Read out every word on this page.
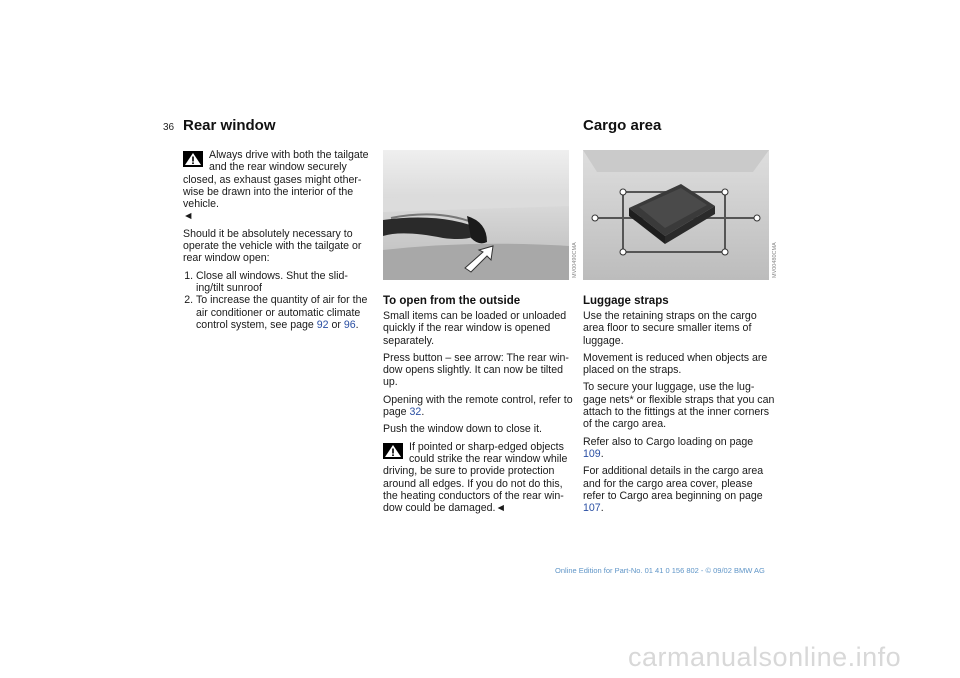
36 Rear window
Always drive with both the tailgate and the rear window securely closed, as exhaust gases might other- wise be drawn into the interior of the vehicle.
◄

Should it be absolutely necessary to operate the vehicle with the tailgate or rear window open:

1. Close all windows. Shut the slid- ing/tilt sunroof
2. To increase the quantity of air for the air conditioner or automatic climate control system, see page 92 or 96.
MV00490CMA
To open from the outside

Small items can be loaded or unloaded quickly if the rear window is opened separately.

Press button – see arrow: The rear win- dow opens slightly. It can now be tilted up.

Opening with the remote control, refer to page 32.

Push the window down to close it.

If pointed or sharp-edged objects could strike the rear window while driving, be sure to provide protection around all edges. If you do not do this, the heating conductors of the rear win- dow could be damaged.◄
Cargo area
MV00480CMA
Luggage straps

Use the retaining straps on the cargo area floor to secure smaller items of luggage.

Movement is reduced when objects are placed on the straps.

To secure your luggage, use the lug- gage nets* or flexible straps that you can attach to the fittings at the inner corners of the cargo area.

Refer also to Cargo loading on page 109.

For additional details in the cargo area and for the cargo area cover, please refer to Cargo area beginning on page 107.

Online Edition for Part-No. 01 41 0 156 802 - © 09/02 BMW AG
carmanualsonline.info
